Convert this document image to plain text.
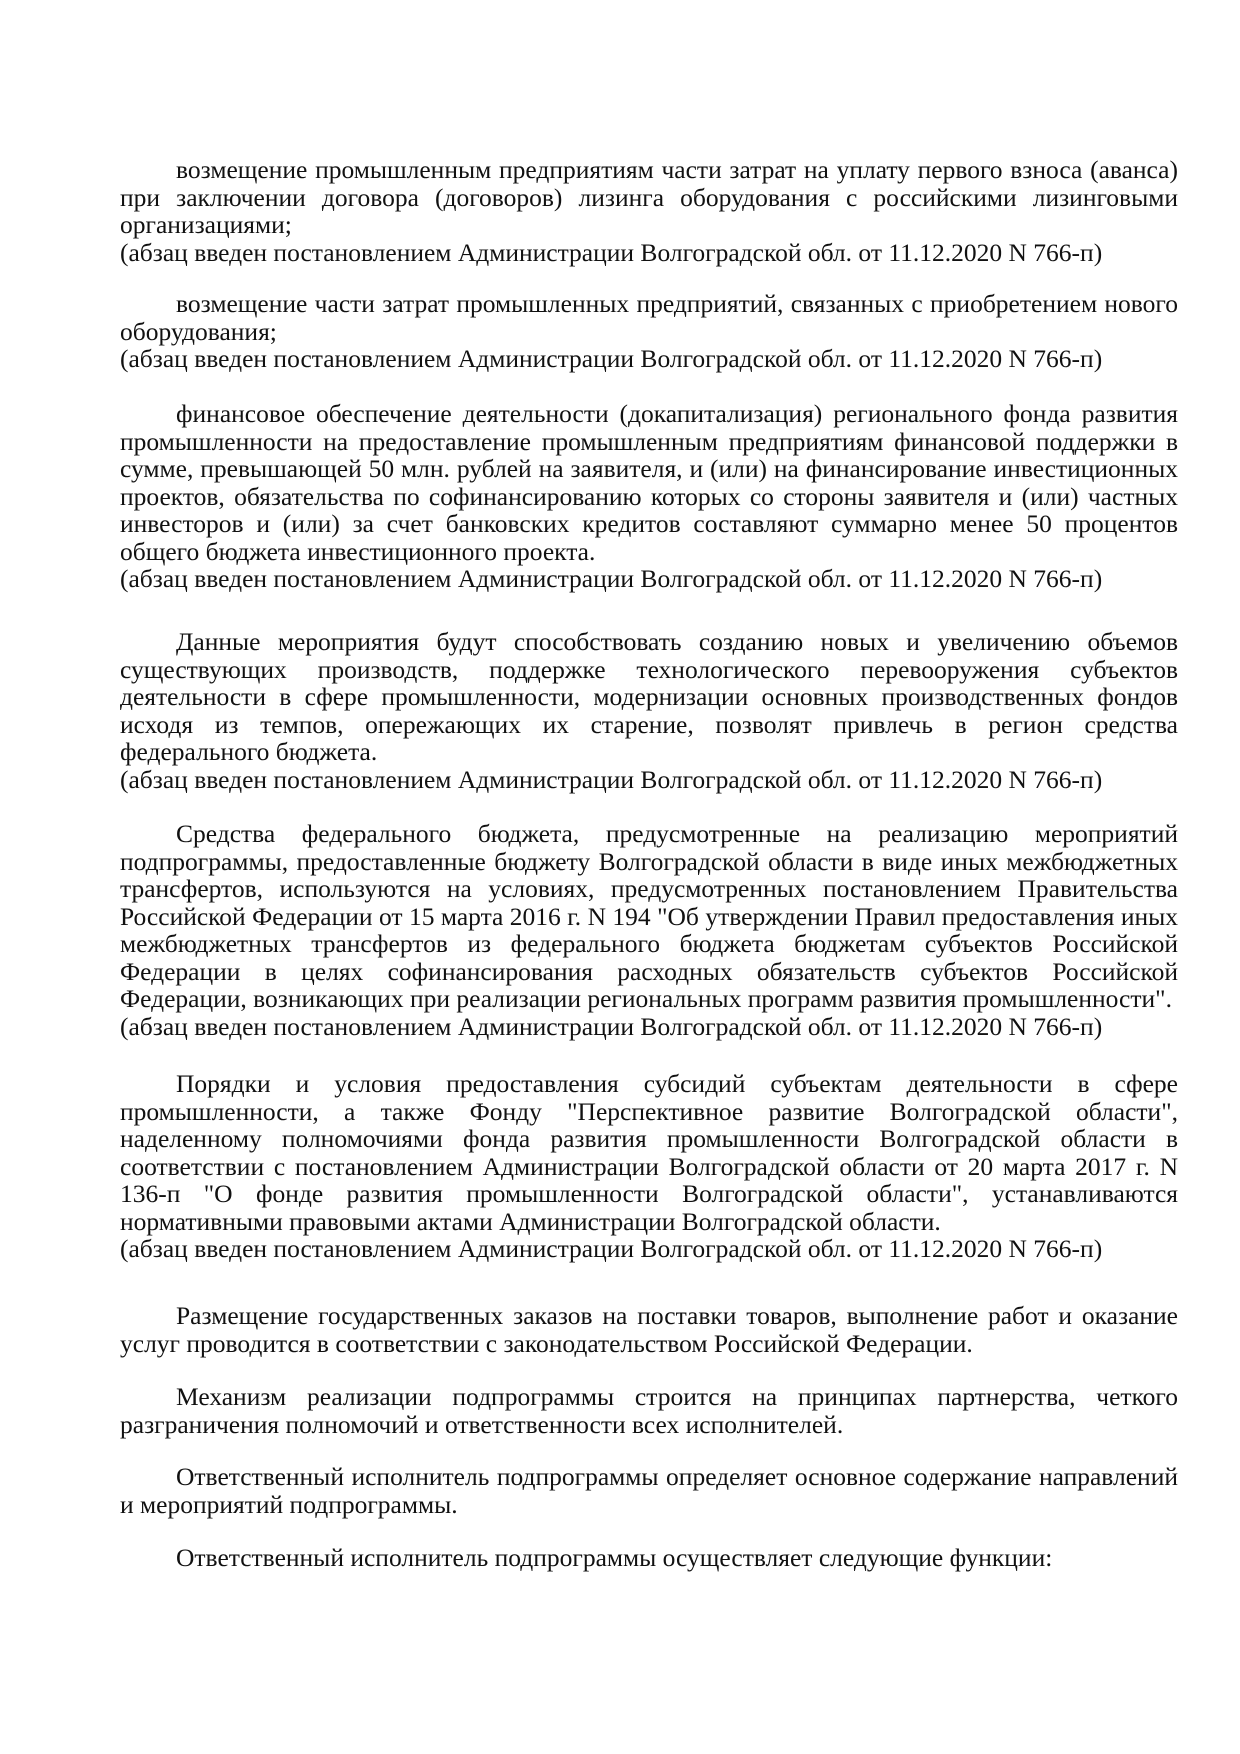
возмещение промышленным предприятиям части затрат на уплату первого взноса (аванса) при заключении договора (договоров) лизинга оборудования с российскими лизинговыми организациями;
(абзац введен постановлением Администрации Волгоградской обл. от 11.12.2020 N 766-п)
возмещение части затрат промышленных предприятий, связанных с приобретением нового оборудования;
(абзац введен постановлением Администрации Волгоградской обл. от 11.12.2020 N 766-п)
финансовое обеспечение деятельности (докапитализация) регионального фонда развития промышленности на предоставление промышленным предприятиям финансовой поддержки в сумме, превышающей 50 млн. рублей на заявителя, и (или) на финансирование инвестиционных проектов, обязательства по софинансированию которых со стороны заявителя и (или) частных инвесторов и (или) за счет банковских кредитов составляют суммарно менее 50 процентов общего бюджета инвестиционного проекта.
(абзац введен постановлением Администрации Волгоградской обл. от 11.12.2020 N 766-п)
Данные мероприятия будут способствовать созданию новых и увеличению объемов существующих производств, поддержке технологического перевооружения субъектов деятельности в сфере промышленности, модернизации основных производственных фондов исходя из темпов, опережающих их старение, позволят привлечь в регион средства федерального бюджета.
(абзац введен постановлением Администрации Волгоградской обл. от 11.12.2020 N 766-п)
Средства федерального бюджета, предусмотренные на реализацию мероприятий подпрограммы, предоставленные бюджету Волгоградской области в виде иных межбюджетных трансфертов, используются на условиях, предусмотренных постановлением Правительства Российской Федерации от 15 марта 2016 г. N 194 "Об утверждении Правил предоставления иных межбюджетных трансфертов из федерального бюджета бюджетам субъектов Российской Федерации в целях софинансирования расходных обязательств субъектов Российской Федерации, возникающих при реализации региональных программ развития промышленности".
(абзац введен постановлением Администрации Волгоградской обл. от 11.12.2020 N 766-п)
Порядки и условия предоставления субсидий субъектам деятельности в сфере промышленности, а также Фонду "Перспективное развитие Волгоградской области", наделенному полномочиями фонда развития промышленности Волгоградской области в соответствии с постановлением Администрации Волгоградской области от 20 марта 2017 г. N 136-п "О фонде развития промышленности Волгоградской области", устанавливаются нормативными правовыми актами Администрации Волгоградской области.
(абзац введен постановлением Администрации Волгоградской обл. от 11.12.2020 N 766-п)
Размещение государственных заказов на поставки товаров, выполнение работ и оказание услуг проводится в соответствии с законодательством Российской Федерации.
Механизм реализации подпрограммы строится на принципах партнерства, четкого разграничения полномочий и ответственности всех исполнителей.
Ответственный исполнитель подпрограммы определяет основное содержание направлений и мероприятий подпрограммы.
Ответственный исполнитель подпрограммы осуществляет следующие функции:
